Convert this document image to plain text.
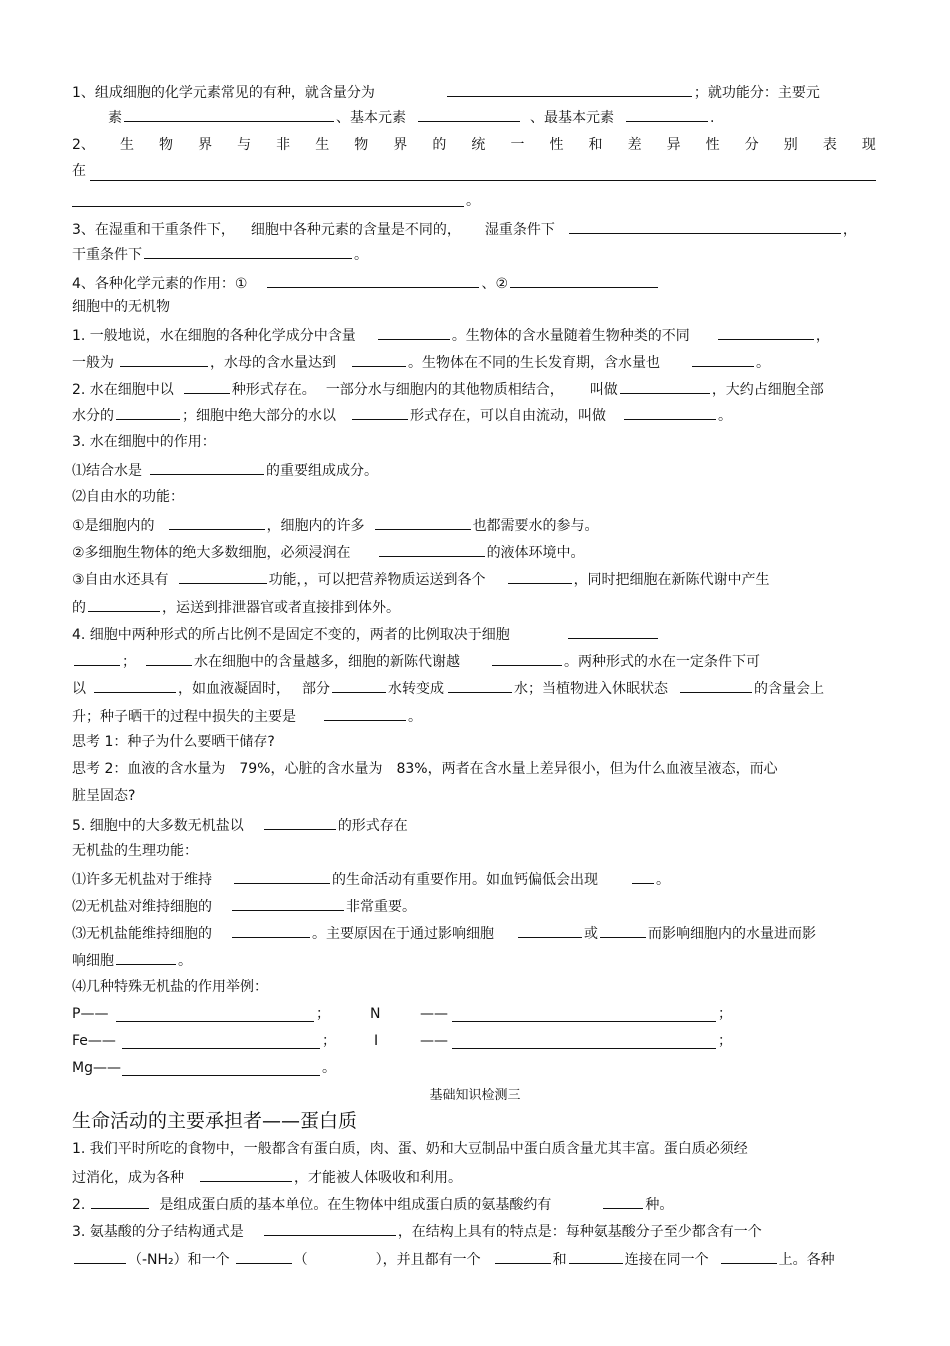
1、组成细胞的化学元素常见的有种，就含量分为	；就功能分：主要元
素	、基本元素	、最基本元素	.
2、 生 物 界 与 非 生 物 界 的 统 一 性 和 差 异 性 分 别 表 现
在
。
3、在湿重和干重条件下， 细胞中各种元素的含量是不同的， 湿重条件下	，
干重条件下	。
4、各种化学元素的作用：①	、②
细胞中的无机物
1. 一般地说，水在细胞的各种化学成分中含量	。生物体的含水量随着生物种类的不同	，
一般为	，水母的含水量达到	。生物体在不同的生长发育期，含水量也	。
2. 水在细胞中以	种形式存在。 一部分水与细胞内的其他物质相结合， 叫做	，大约占细胞全部
水分的	；细胞中绝大部分的水以	形式存在，可以自由流动，叫做	。
3. 水在细胞中的作用：
⑴结合水是	的重要组成成分。
⑵自由水的功能：
①是细胞内的	，细胞内的许多	也都需要水的参与。
②多细胞生物体的绝大多数细胞，必须浸润在	的液体环境中。
③自由水还具有	功能，，可以把营养物质运送到各个	，同时把细胞在新陈代谢中产生
的	，运送到排泄器官或者直接排到体外。
4. 细胞中两种形式的所占比例不是固定不变的，两者的比例取决于细胞
；	水在细胞中的含量越多，细胞的新陈代谢越	。两种形式的水在一定条件下可
以	，如血液凝固时， 部分	水转变成	水；当植物进入休眠状态	的含量会上
升；种子晒干的过程中损失的主要是	。
思考 1：种子为什么要晒干储存?
思考 2：血液的含水量为　79%，心脏的含水量为　83%，两者在含水量上差异很小，但为什么血液呈液态，而心
脏呈固态?
5. 细胞中的大多数无机盐以	的形式存在
无机盐的生理功能：
⑴许多无机盐对于维持	的生命活动有重要作用。如血钙偏低会出现	。
⑵无机盐对维持细胞的	非常重要。
⑶无机盐能维持细胞的	。主要原因在于通过影响细胞	或	而影响细胞内的水量进而影
响细胞	。
⑷几种特殊无机盐的作用举例：
P——	；	N	——	；
Fe——	；	I	——	；
Mg——	。
基础知识检测三
生命活动的主要承担者——蛋白质
1. 我们平时所吃的食物中，一般都含有蛋白质，肉、蛋、奶和大豆制品中蛋白质含量尤其丰富。蛋白质必须经
过消化，成为各种	，才能被人体吸收和利用。
2.	是组成蛋白质的基本单位。在生物体中组成蛋白质的氨基酸约有	种。
3. 氨基酸的分子结构通式是	，在结构上具有的特点是：每种氨基酸分子至少都含有一个
（-NH₂）和一个	（	），并且都有一个	和	连接在同一个	上。各种
